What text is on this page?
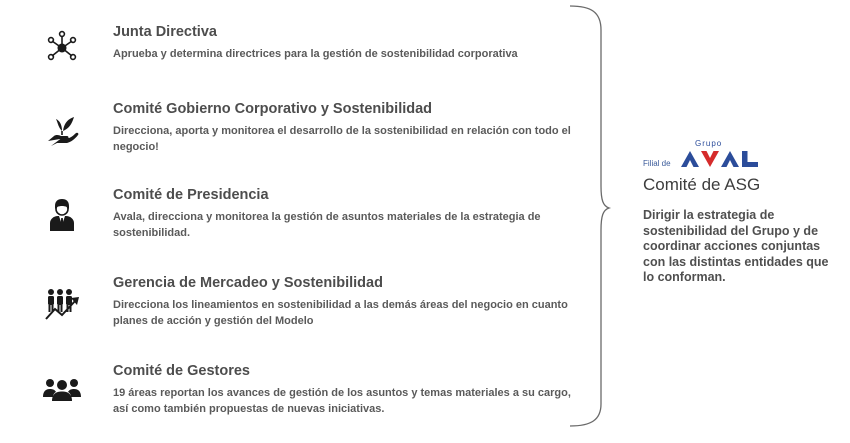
Junta Directiva
Aprueba y determina directrices para la gestión de sostenibilidad corporativa
Comité Gobierno Corporativo y Sostenibilidad
Direcciona, aporta y monitorea el desarrollo de la sostenibilidad en relación con todo el negocio!
Comité de Presidencia
Avala, direcciona y monitorea la gestión de asuntos materiales de la estrategia de sostenibilidad.
Gerencia de Mercadeo y Sostenibilidad
Direcciona los lineamientos en sostenibilidad a las demás áreas del negocio en cuanto planes de acción y gestión del Modelo
Comité de Gestores
19 áreas reportan los avances de gestión de los asuntos y temas materiales a su cargo, así como también propuestas de nuevas iniciativas.
Grupo
Filial de
AVAL
Comité de ASG
Dirigir la estrategia de sostenibilidad del Grupo y de coordinar acciones conjuntas con las distintas entidades que lo conforman.
